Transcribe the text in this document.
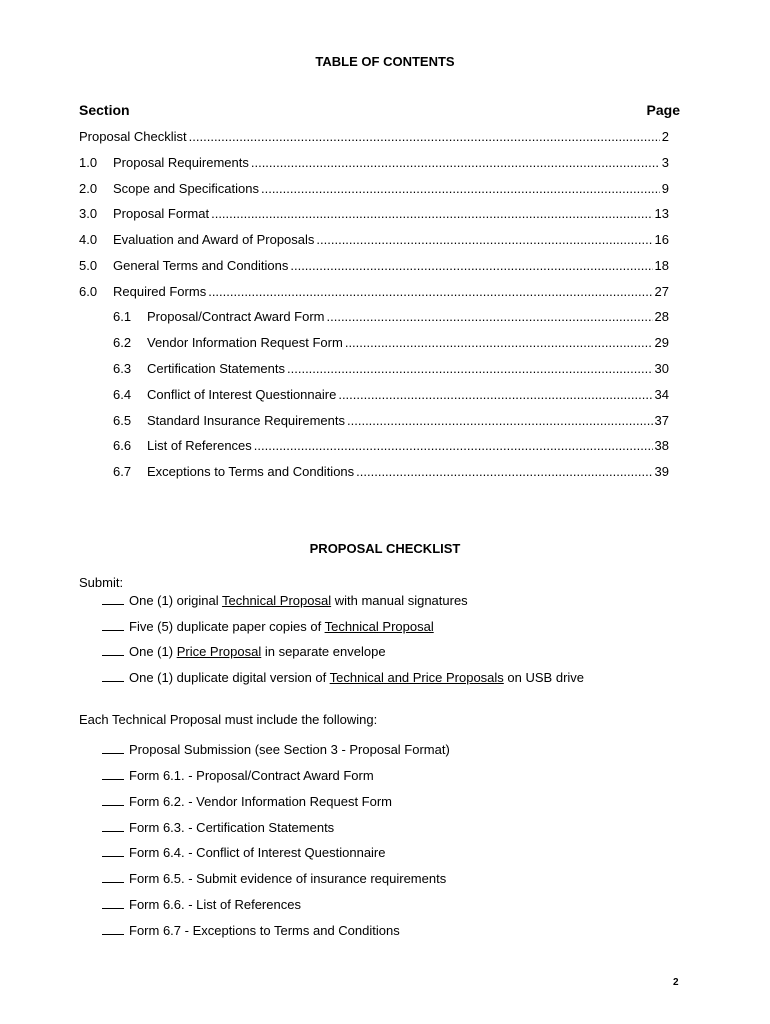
TABLE OF CONTENTS
Section	Page
Proposal Checklist .....	2
1.0	Proposal Requirements .....	3
2.0	Scope and Specifications .....	9
3.0	Proposal Format .....	13
4.0	Evaluation and Award of Proposals .....	16
5.0	General Terms and Conditions .....	18
6.0	Required Forms .....	27
6.1	Proposal/Contract Award Form .....	28
6.2	Vendor Information Request Form .....	29
6.3	Certification Statements .....	30
6.4	Conflict of Interest Questionnaire .....	34
6.5	Standard Insurance Requirements .....	37
6.6	List of References .....	38
6.7	Exceptions to Terms and Conditions .....	39
PROPOSAL CHECKLIST
Submit:
One (1) original Technical Proposal with manual signatures
Five (5) duplicate paper copies of Technical Proposal
One (1) Price Proposal in separate envelope
One (1) duplicate digital version of Technical and Price Proposals on USB drive
Each Technical Proposal must include the following:
Proposal Submission (see Section 3 - Proposal Format)
Form 6.1. - Proposal/Contract Award Form
Form 6.2. - Vendor Information Request Form
Form 6.3. - Certification Statements
Form 6.4. - Conflict of Interest Questionnaire
Form 6.5. - Submit evidence of insurance requirements
Form 6.6. - List of References
Form 6.7 - Exceptions to Terms and Conditions
2
